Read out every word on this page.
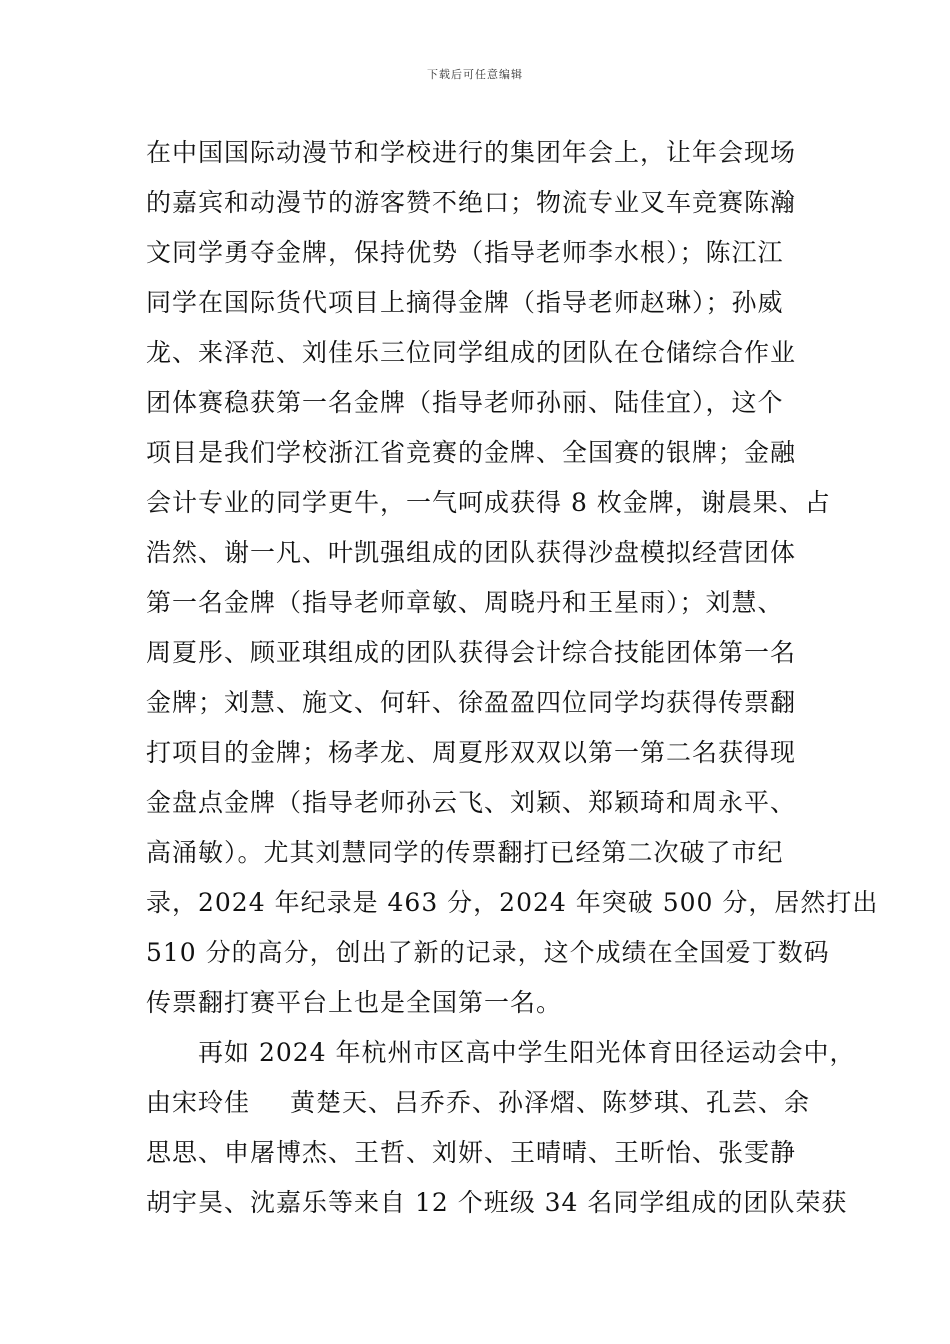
下载后可任意编辑
在中国国际动漫节和学校进行的集团年会上，让年会现场
的嘉宾和动漫节的游客赞不绝口；物流专业叉车竞赛陈瀚
文同学勇夺金牌，保持优势（指导老师李水根）；陈江江
同学在国际货代项目上摘得金牌（指导老师赵琳）；孙威
龙、来泽范、刘佳乐三位同学组成的团队在仓储综合作业
团体赛稳获第一名金牌（指导老师孙丽、陆佳宜），这个
项目是我们学校浙江省竞赛的金牌、全国赛的银牌；金融
会计专业的同学更牛，一气呵成获得 8 枚金牌，谢晨果、占
浩然、谢一凡、叶凯强组成的团队获得沙盘模拟经营团体
第一名金牌（指导老师章敏、周晓丹和王星雨）；刘慧、
周夏彤、顾亚琪组成的团队获得会计综合技能团体第一名
金牌；刘慧、施文、何轩、徐盈盈四位同学均获得传票翻
打项目的金牌；杨孝龙、周夏彤双双以第一第二名获得现
金盘点金牌（指导老师孙云飞、刘颖、郑颖琦和周永平、
高涌敏）。尤其刘慧同学的传票翻打已经第二次破了市纪
录，2024 年纪录是 463 分，2024 年突破 500 分，居然打出
510 分的高分，创出了新的记录，这个成绩在全国爱丁数码
传票翻打赛平台上也是全国第一名。
再如 2024 年杭州市区高中学生阳光体育田径运动会中，
由宋玲佳 黄楚天、吕乔乔、孙泽熠、陈梦琪、孔芸、余
思思、申屠博杰、王哲、刘妍、王晴晴、王昕怡、张雯静
胡宇昊、沈嘉乐等来自 12 个班级 34 名同学组成的团队荣获
